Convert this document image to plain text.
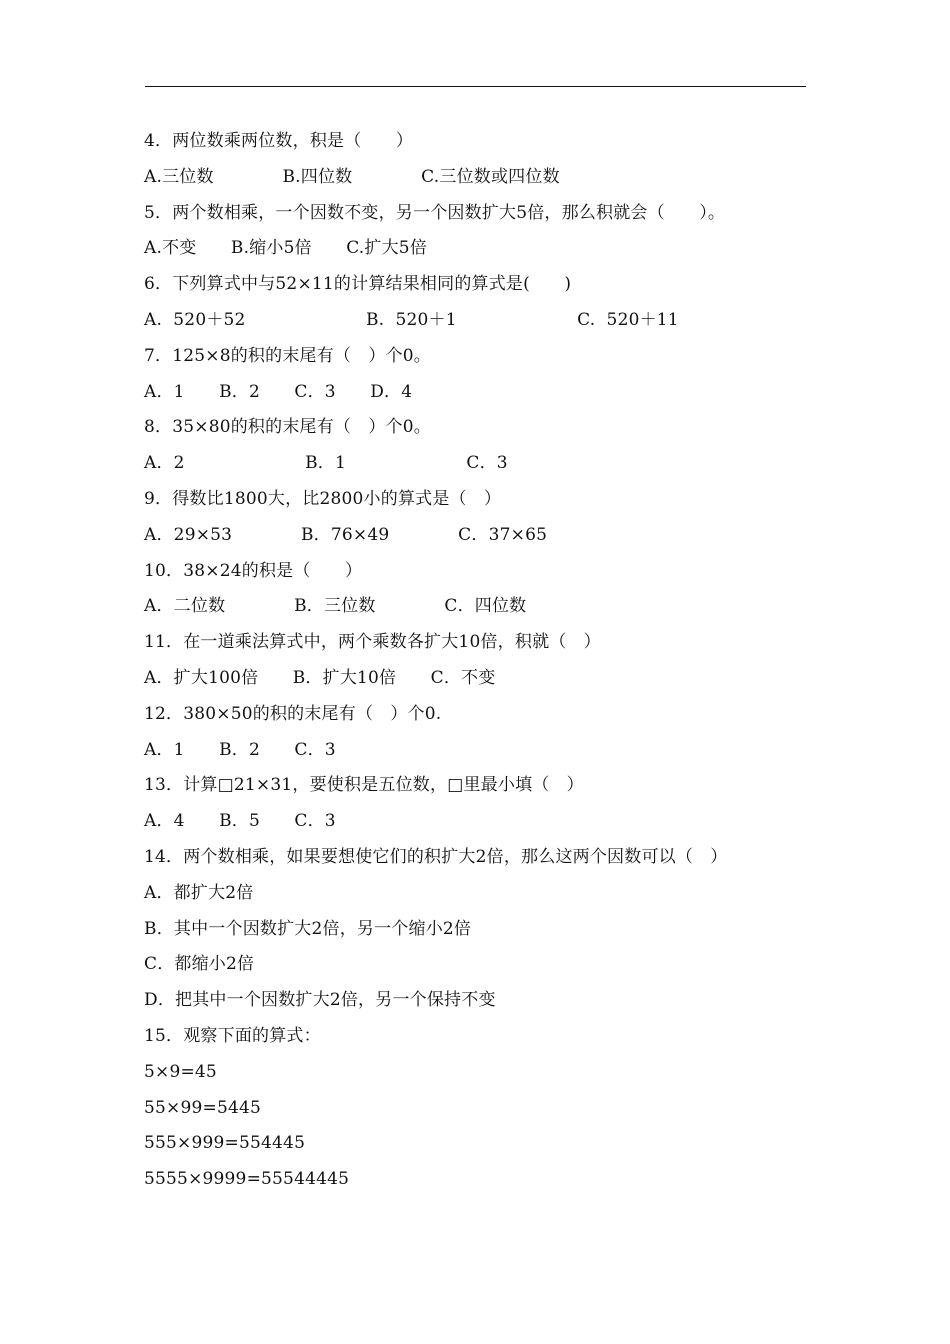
4．两位数乘两位数，积是（　　）
A.三位数　　　　B.四位数　　　　C.三位数或四位数
5．两个数相乘，一个因数不变，另一个因数扩大5倍，那么积就会（　　）。
A.不变　　B.缩小5倍　　C.扩大5倍
6．下列算式中与52×11的计算结果相同的算式是(　　)
A.  520＋52　　　　　　　B.  520＋1　　　　　　　C.  520＋11
7．125×8的积的末尾有（　）个0。
A．1　　B．2　　C．3　　D．4
8．35×80的积的末尾有（　）个0。
A．2　　　　　　　B．1　　　　　　　C．3
9．得数比1800大，比2800小的算式是（　）
A．29×53　　　　B．76×49　　　　C．37×65
10．38×24的积是（　　）
A．二位数　　　　B．三位数　　　　C．四位数
11．在一道乘法算式中，两个乘数各扩大10倍，积就（　）
A．扩大100倍　　B．扩大10倍　　C．不变
12．380×50的积的末尾有（　）个0.
A．1　　B．2　　C．3
13．计算□21×31，要使积是五位数，□里最小填（　）
A．4　　B．5　　C．3
14．两个数相乘，如果要想使它们的积扩大2倍，那么这两个因数可以（　）
A．都扩大2倍
B．其中一个因数扩大2倍，另一个缩小2倍
C．都缩小2倍
D．把其中一个因数扩大2倍，另一个保持不变
15．观察下面的算式：
5×9=45
55×99=5445
555×999=554445
5555×9999=55544445
